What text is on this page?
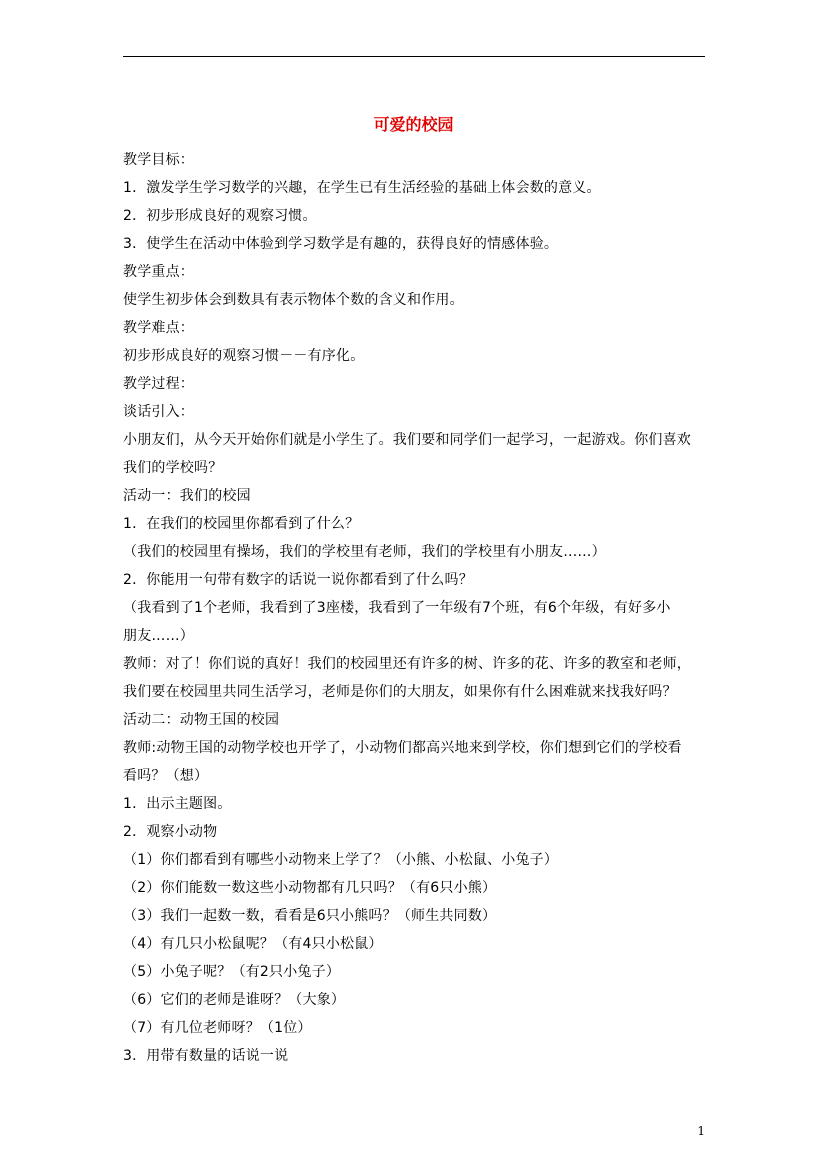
可爱的校园
教学目标：
1．激发学生学习数学的兴趣，在学生已有生活经验的基础上体会数的意义。
2．初步形成良好的观察习惯。
3．使学生在活动中体验到学习数学是有趣的，获得良好的情感体验。
教学重点：
使学生初步体会到数具有表示物体个数的含义和作用。
教学难点：
初步形成良好的观察习惯－－有序化。
教学过程：
谈话引入：
小朋友们，从今天开始你们就是小学生了。我们要和同学们一起学习，一起游戏。你们喜欢
我们的学校吗？
活动一：我们的校园
1．在我们的校园里你都看到了什么？
（我们的校园里有操场，我们的学校里有老师，我们的学校里有小朋友……）
2．你能用一句带有数字的话说一说你都看到了什么吗？
（我看到了1个老师，我看到了3座楼，我看到了一年级有7个班，有6个年级，有好多小
朋友……）
教师：对了！你们说的真好！我们的校园里还有许多的树、许多的花、许多的教室和老师，
我们要在校园里共同生活学习，老师是你们的大朋友，如果你有什么困难就来找我好吗？
活动二：动物王国的校园
教师:动物王国的动物学校也开学了，小动物们都高兴地来到学校，你们想到它们的学校看
看吗？（想）
1．出示主题图。
2．观察小动物
（1）你们都看到有哪些小动物来上学了？（小熊、小松鼠、小兔子）
（2）你们能数一数这些小动物都有几只吗？（有6只小熊）
（3）我们一起数一数，看看是6只小熊吗？（师生共同数）
（4）有几只小松鼠呢？（有4只小松鼠）
（5）小兔子呢？（有2只小兔子）
（6）它们的老师是谁呀？（大象）
（7）有几位老师呀？（1位）
3．用带有数量的话说一说
1
